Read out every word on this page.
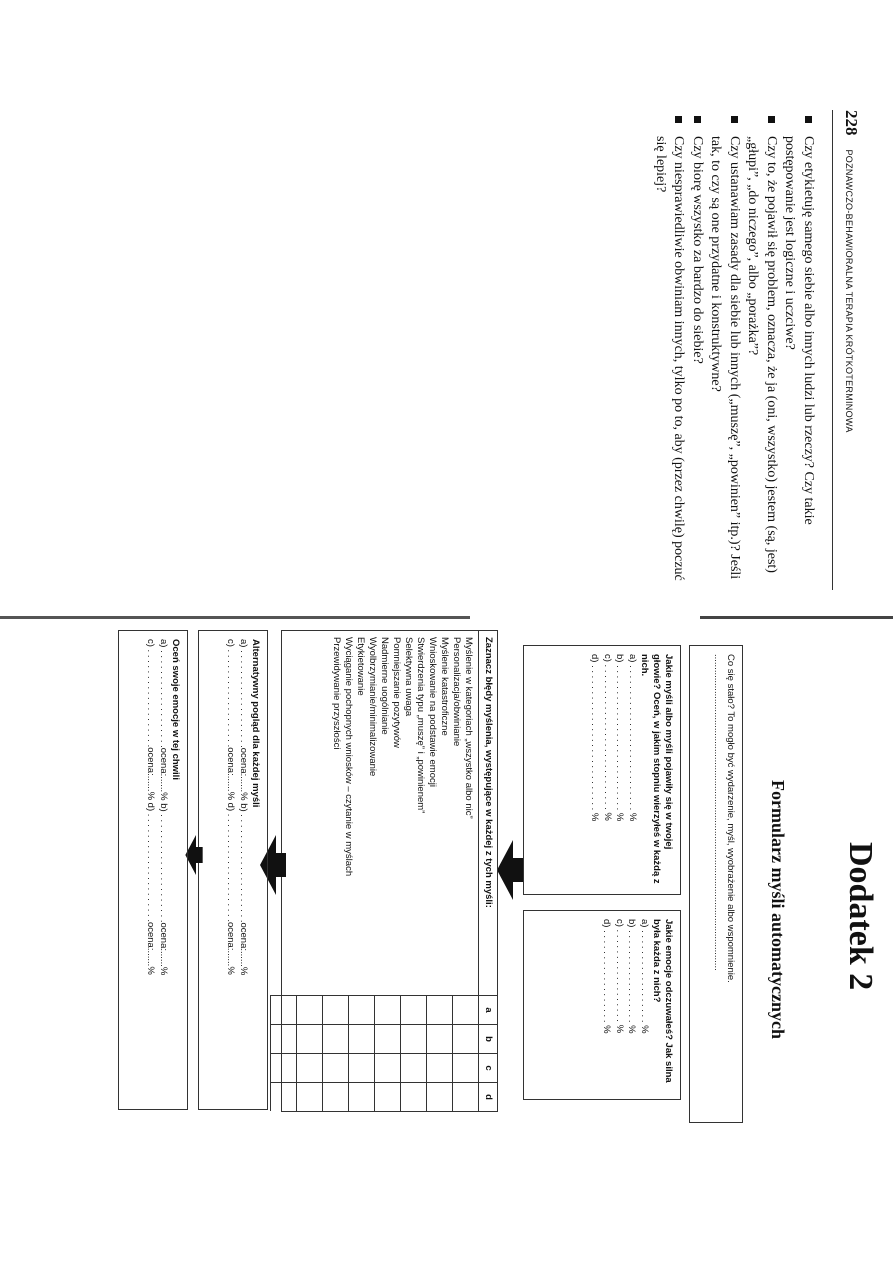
228
POZNAWCZO-BEHAWIORALNA TERAPIA KRÓTKOTERMINOWA
Czy etykietuję samego siebie albo innych ludzi lub rzeczy? Czy takie postępowanie jest logiczne i uczciwe?
Czy to, że pojawił się problem, oznacza, że ja (oni, wszystko) jestem (są, jest) „głupi”, „do niczego”, albo „porażka”?
Czy ustanawiam zasady dla siebie lub innych („muszę”, „powinien” itp.)? Jeśli tak, to czy są one przydatne i konstruktywne?
Czy biorę wszystko za bardzo do siebie?
Czy niesprawiedliwie obwiniam innych, tylko po to, aby (przez chwilę) poczuć się lepiej?
Dodatek 2
Formularz myśli automatycznych
Co się stało? To mogło być wydarzenie, myśl, wyobrażenie albo wspomnienie.
........................................................................................................................
Jakie myśli albo myśli pojawiły się w twojej głowie? Oceń, w jakim stopniu wierzyłeś w każdą z nich.
a) . . . . . . . . . . . . . . . . . . . . . . . . . . . . %
b) . . . . . . . . . . . . . . . . . . . . . . . . . . . . %
c) . . . . . . . . . . . . . . . . . . . . . . . . . . . . %
d) . . . . . . . . . . . . . . . . . . . . . . . . . . . . %
Jakie emocje odczuwałeś? Jak silna była każda z nich?
a) . . . . . . . . . . . . . . . . . . %
b) . . . . . . . . . . . . . . . . . . %
c) . . . . . . . . . . . . . . . . . . %
d) . . . . . . . . . . . . . . . . . . %
Zaznacz błędy myślenia, występujące w każdej z tych myśli:
a
b
c
d
Myślenie w kategoriach „wszystko albo nic”
Personalizacja/obwinianie
Myślenie katastroficzne
Wnioskowanie na podstawie emocji
Stwierdzenia typu „muszę” i „powinienem”
Selektywna uwaga
Pomniejszanie pozytywów
Nadmierne uogólnianie
Wyolbrzymianie/minimalizowanie
Etykietowanie
Wyciąganie pochopnych wniosków – czytanie w myślach
Przewidywanie przyszłości
Alternatywny pogląd dla każdej myśli
a) . . . . . . . . . . . . . . . . . . .ocena:......% b) . . . . . . . . . . . . . . . . . . . . .ocena:......%
c) . . . . . . . . . . . . . . . . . . .ocena:......% d) . . . . . . . . . . . . . . . . . . . . .ocena:......%
Oceń swoje emocje w tej chwili
a) . . . . . . . . . . . . . . . . . . .ocena:......% b) . . . . . . . . . . . . . . . . . . . . .ocena:......%
c) . . . . . . . . . . . . . . . . . . .ocena:......% d) . . . . . . . . . . . . . . . . . . . . .ocena:......%
